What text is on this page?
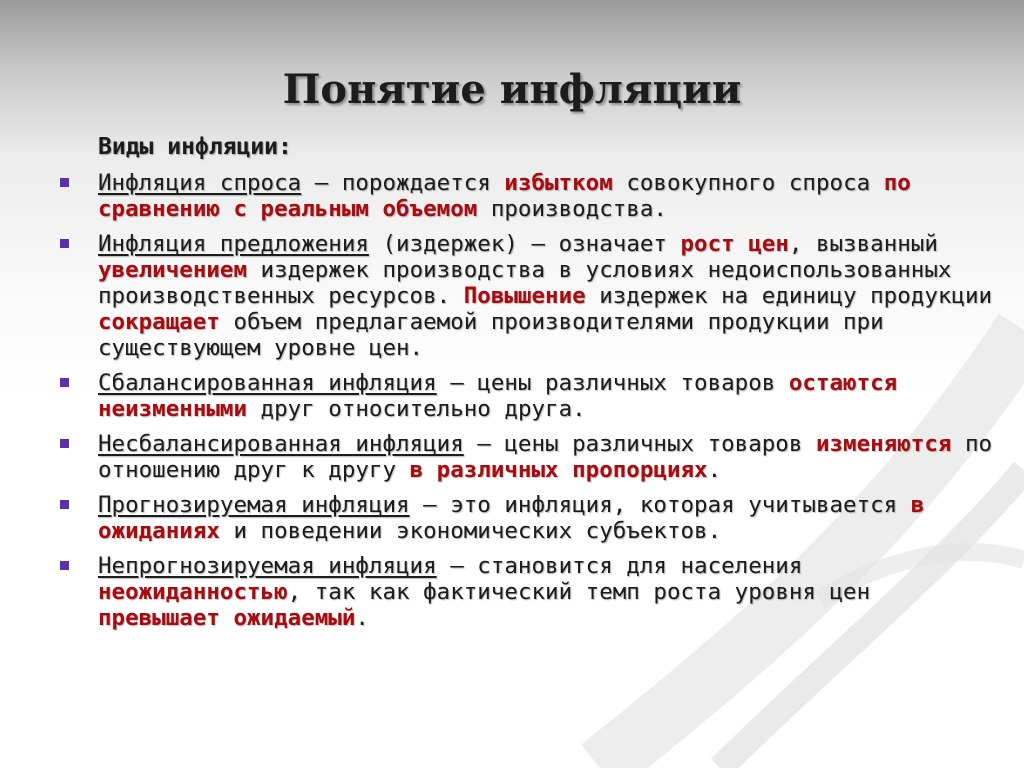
Понятие инфляции
Виды инфляции:
Инфляция спроса — порождается избытком совокупного спроса по сравнению с реальным объемом производства.
Инфляция предложения (издержек) — означает рост цен, вызванный увеличением издержек производства в условиях недоиспользованных производственных ресурсов. Повышение издержек на единицу продукции сокращает объем предлагаемой производителями продукции при существующем уровне цен.
Сбалансированная инфляция — цены различных товаров остаются неизменными друг относительно друга.
Несбалансированная инфляция — цены различных товаров изменяются по отношению друг к другу в различных пропорциях.
Прогнозируемая инфляция — это инфляция, которая учитывается в ожиданиях и поведении экономических субъектов.
Непрогнозируемая инфляция — становится для населения неожиданностью, так как фактический темп роста уровня цен превышает ожидаемый.
